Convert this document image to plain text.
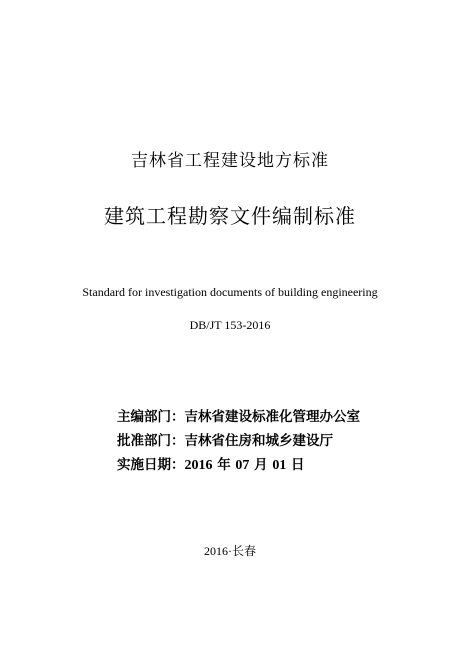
吉林省工程建设地方标准
建筑工程勘察文件编制标准
Standard for investigation documents of building engineering
DB/JT 153-2016
主编部门：吉林省建设标准化管理办公室
批准部门：吉林省住房和城乡建设厅
实施日期：2016 年 07 月 01 日
2016·长春
